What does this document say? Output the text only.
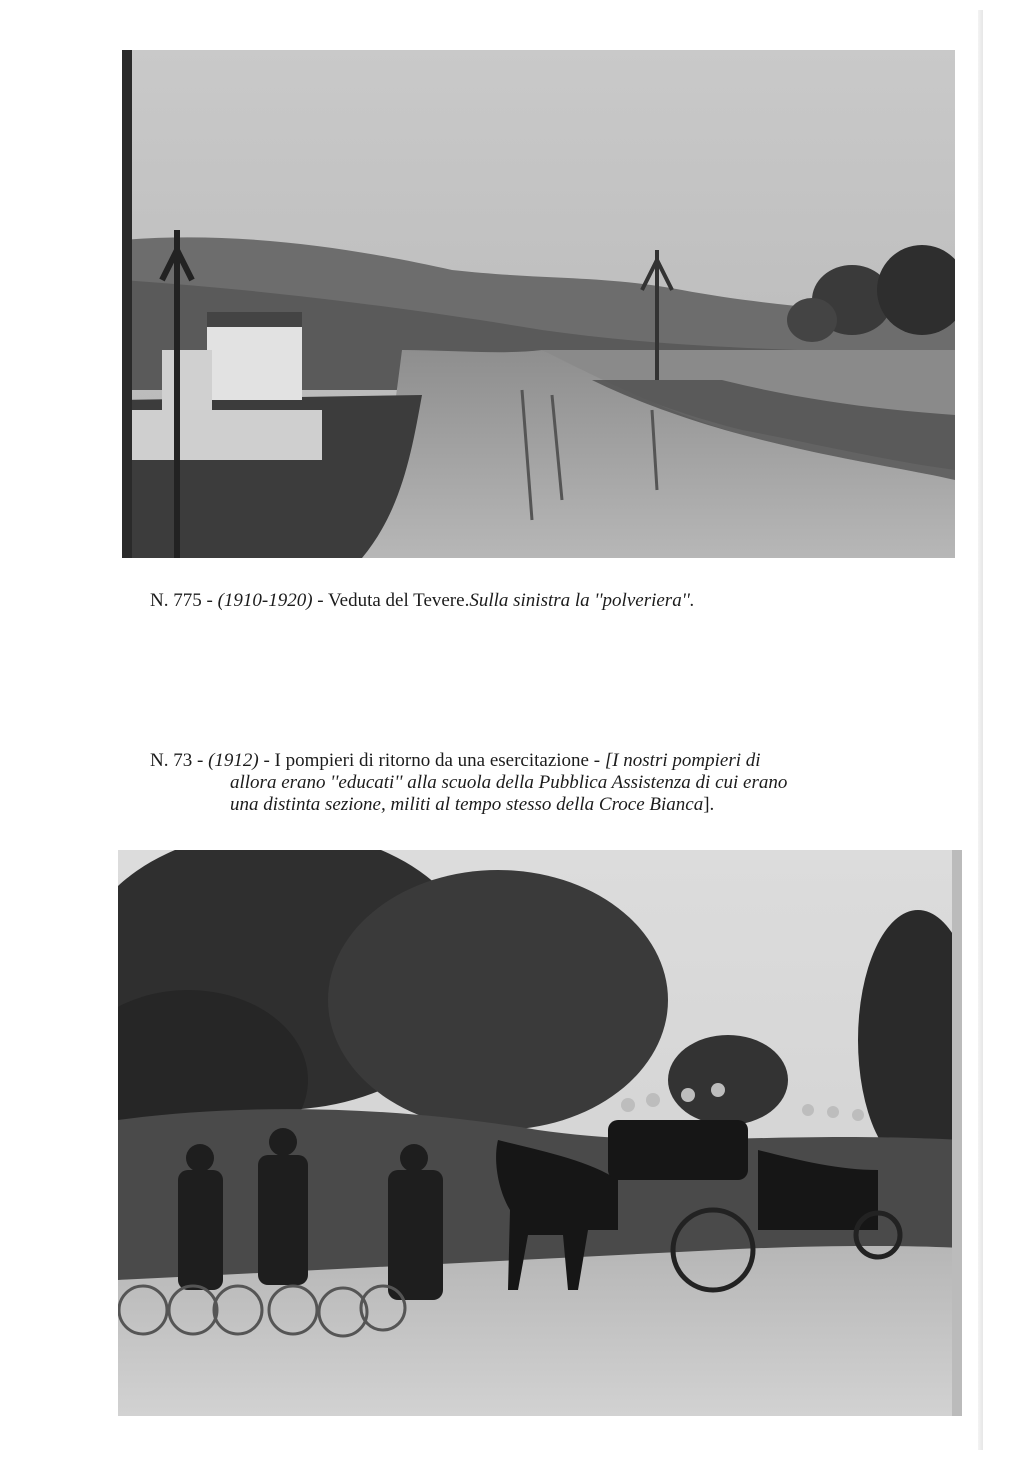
N. 775 - (1910-1920) - Veduta del Tevere.Sulla sinistra la ''polveriera''.
N. 73 - (1912) - I pompieri di ritorno da una esercitazione - [I nostri pompieri di
allora erano ''educati'' alla scuola della Pubblica Assistenza di cui erano
una distinta sezione, militi al tempo stesso della Croce Bianca].
